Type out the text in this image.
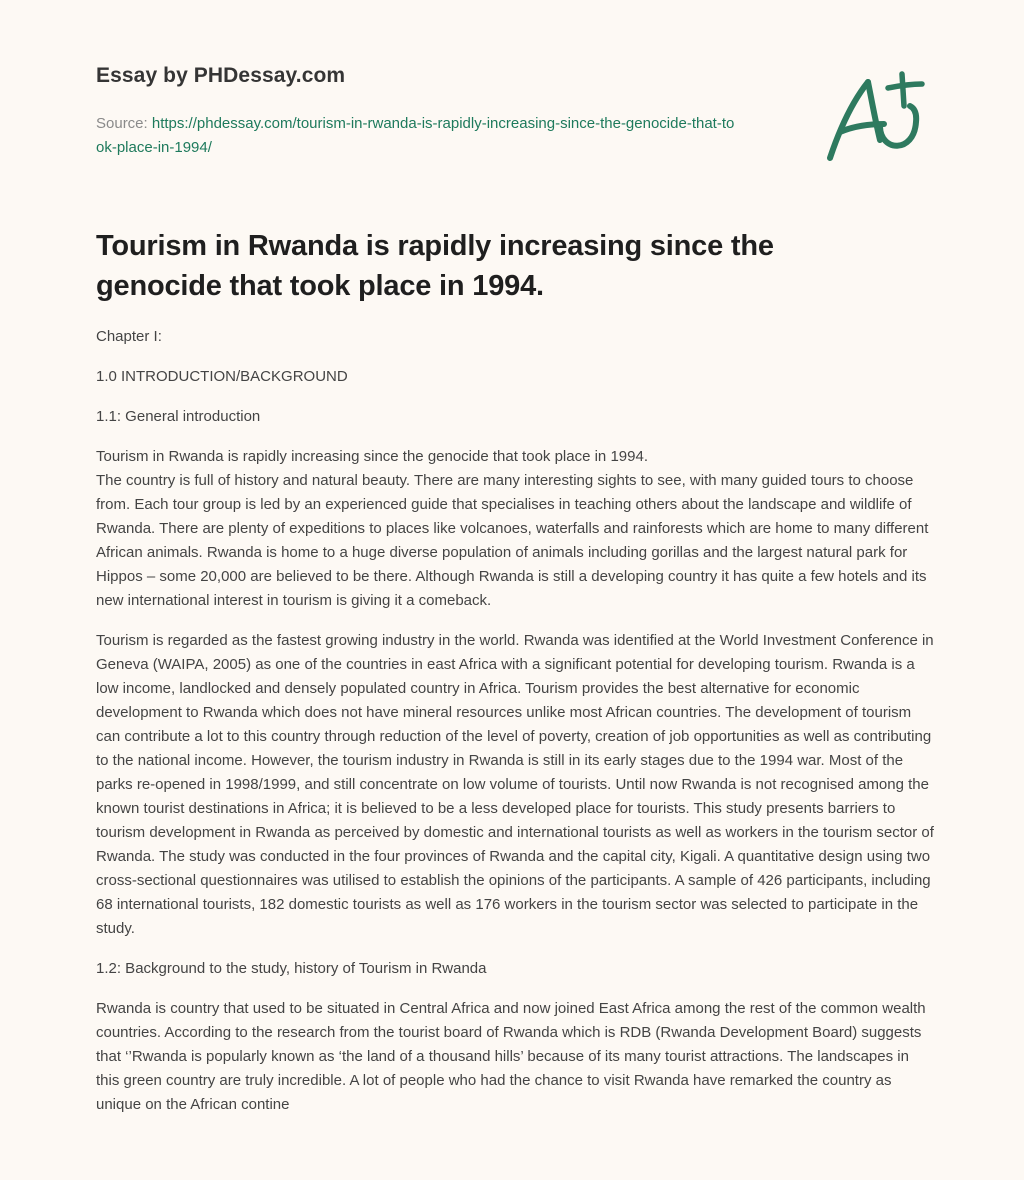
Essay by PHDessay.com
Source: https://phdessay.com/tourism-in-rwanda-is-rapidly-increasing-since-the-genocide-that-took-place-in-1994/
Tourism in Rwanda is rapidly increasing since the genocide that took place in 1994.

Chapter I:

1.0 INTRODUCTION/BACKGROUND

1.1: General introduction

Tourism in Rwanda is rapidly increasing since the genocide that took place in 1994.
The country is full of history and natural beauty. There are many interesting sights to see, with many guided tours to choose from. Each tour group is led by an experienced guide that specialises in teaching others about the landscape and wildlife of Rwanda. There are plenty of expeditions to places like volcanoes, waterfalls and rainforests which are home to many different African animals. Rwanda is home to a huge diverse population of animals including gorillas and the largest natural park for Hippos – some 20,000 are believed to be there. Although Rwanda is still a developing country it has quite a few hotels and its new international interest in tourism is giving it a comeback.

Tourism is regarded as the fastest growing industry in the world. Rwanda was identified at the World Investment Conference in Geneva (WAIPA, 2005) as one of the countries in east Africa with a significant potential for developing tourism. Rwanda is a low income, landlocked and densely populated country in Africa. Tourism provides the best alternative for economic development to Rwanda which does not have mineral resources unlike most African countries. The development of tourism can contribute a lot to this country through reduction of the level of poverty, creation of job opportunities as well as contributing to the national income. However, the tourism industry in Rwanda is still in its early stages due to the 1994 war. Most of the parks re-opened in 1998/1999, and still concentrate on low volume of tourists. Until now Rwanda is not recognised among the known tourist destinations in Africa; it is believed to be a less developed place for tourists. This study presents barriers to tourism development in Rwanda as perceived by domestic and international tourists as well as workers in the tourism sector of Rwanda. The study was conducted in the four provinces of Rwanda and the capital city, Kigali. A quantitative design using two cross-sectional questionnaires was utilised to establish the opinions of the participants. A sample of 426 participants, including 68 international tourists, 182 domestic tourists as well as 176 workers in the tourism sector was selected to participate in the study.

1.2: Background to the study, history of Tourism in Rwanda

Rwanda is country that used to be situated in Central Africa and now joined East Africa among the rest of the common wealth countries. According to the research from the tourist board of Rwanda which is RDB (Rwanda Development Board) suggests that ‘’Rwanda is popularly known as ‘the land of a thousand hills’ because of its many tourist attractions. The landscapes in this green country are truly incredible. A lot of people who had the chance to visit Rwanda have remarked the country as unique on the African contine
